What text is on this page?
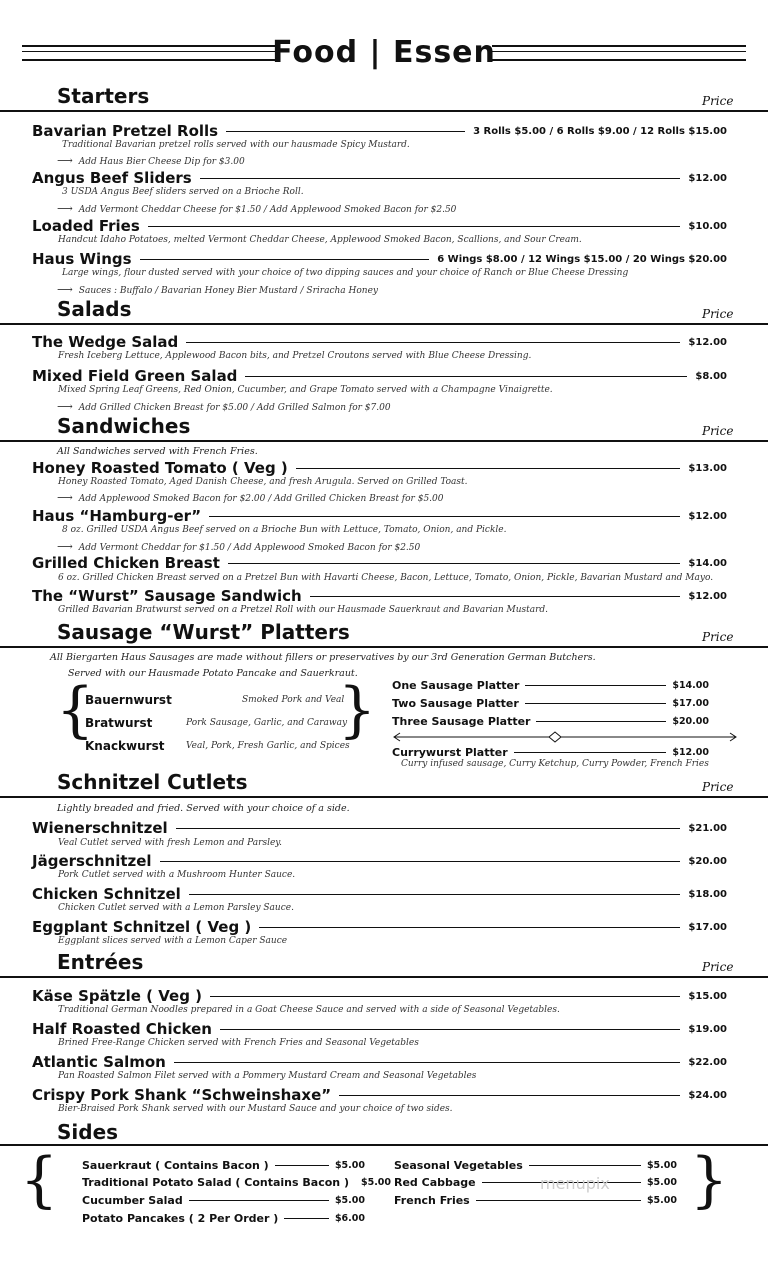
Food | Essen
Starters	Price
Bavarian Pretzel Rolls	3 Rolls $5.00 / 6 Rolls $9.00 / 12 Rolls $15.00
Traditional Bavarian pretzel rolls served with our hausmade Spicy Mustard.
⟶ Add Haus Bier Cheese Dip for $3.00
Angus Beef Sliders	$12.00
3 USDA Angus Beef sliders served on a Brioche Roll.
⟶ Add Vermont Cheddar Cheese for $1.50 / Add Applewood Smoked Bacon for $2.50
Loaded Fries	$10.00
Handcut Idaho Potatoes, melted Vermont Cheddar Cheese, Applewood Smoked Bacon, Scallions, and Sour Cream.
Haus Wings	6 Wings $8.00 / 12 Wings $15.00 / 20 Wings $20.00
Large wings, flour dusted served with your choice of two dipping sauces and your choice of Ranch or Blue Cheese Dressing
⟶ Sauces : Buffalo / Bavarian Honey Bier Mustard / Sriracha Honey
Salads	Price
The Wedge Salad	$12.00
Fresh Iceberg Lettuce, Applewood Bacon bits, and Pretzel Croutons served with Blue Cheese Dressing.
Mixed Field Green Salad	$8.00
Mixed Spring Leaf Greens, Red Onion, Cucumber, and Grape Tomato served with a Champagne Vinaigrette.
⟶ Add Grilled Chicken Breast for $5.00 / Add Grilled Salmon for $7.00
Sandwiches	Price
All Sandwiches served with French Fries.
Honey Roasted Tomato ( Veg )	$13.00
Honey Roasted Tomato, Aged Danish Cheese, and fresh Arugula. Served on Grilled Toast.
⟶ Add Applewood Smoked Bacon for $2.00 / Add Grilled Chicken Breast for $5.00
Haus “Hamburg-er”	$12.00
8 oz. Grilled USDA Angus Beef served on a Brioche Bun with Lettuce, Tomato, Onion, and Pickle.
⟶ Add Vermont Cheddar for $1.50 / Add Applewood Smoked Bacon for $2.50
Grilled Chicken Breast	$14.00
6 oz. Grilled Chicken Breast served on a Pretzel Bun with Havarti Cheese, Bacon, Lettuce, Tomato, Onion, Pickle, Bavarian Mustard and Mayo.
The “Wurst” Sausage Sandwich	$12.00
Grilled Bavarian Bratwurst served on a Pretzel Roll with our Hausmade Sauerkraut and Bavarian Mustard.
Sausage “Wurst” Platters	Price
All Biergarten Haus Sausages are made without fillers or preservatives by our 3rd Generation German Butchers.
Served with our Hausmade Potato Pancake and Sauerkraut.
{	}
Bauernwurst	Smoked Pork and Veal
Bratwurst	Pork Sausage, Garlic, and Caraway
Knackwurst Veal, Pork, Fresh Garlic, and Spices
One Sausage Platter	$14.00
Two Sausage Platter	$17.00
Three Sausage Platter	$20.00
Currywurst Platter	$12.00
Curry infused sausage, Curry Ketchup, Curry Powder, French Fries
Schnitzel Cutlets	Price
Lightly breaded and fried. Served with your choice of a side.
Wienerschnitzel	$21.00
Veal Cutlet served with fresh Lemon and Parsley.
Jägerschnitzel	$20.00
Pork Cutlet served with a Mushroom Hunter Sauce.
Chicken Schnitzel	$18.00
Chicken Cutlet served with a Lemon Parsley Sauce.
Eggplant Schnitzel ( Veg )	$17.00
Eggplant slices served with a Lemon Caper Sauce
Entrées	Price
Käse Spätzle ( Veg )	$15.00
Traditional German Noodles prepared in a Goat Cheese Sauce and served with a side of Seasonal Vegetables.
Half Roasted Chicken	$19.00
Brined Free-Range Chicken served with French Fries and Seasonal Vegetables
Atlantic Salmon	$22.00
Pan Roasted Salmon Filet served with a Pommery Mustard Cream and Seasonal Vegetables
Crispy Pork Shank “Schweinshaxe”	$24.00
Bier-Braised Pork Shank served with our Mustard Sauce and your choice of two sides.
Sides
{	}
Sauerkraut ( Contains Bacon )	$5.00
Traditional Potato Salad ( Contains Bacon ) $5.00
Cucumber Salad	$5.00
Potato Pancakes ( 2 Per Order )	$6.00
Seasonal Vegetables	$5.00
Red Cabbage	$5.00
French Fries	$5.00
menupix
